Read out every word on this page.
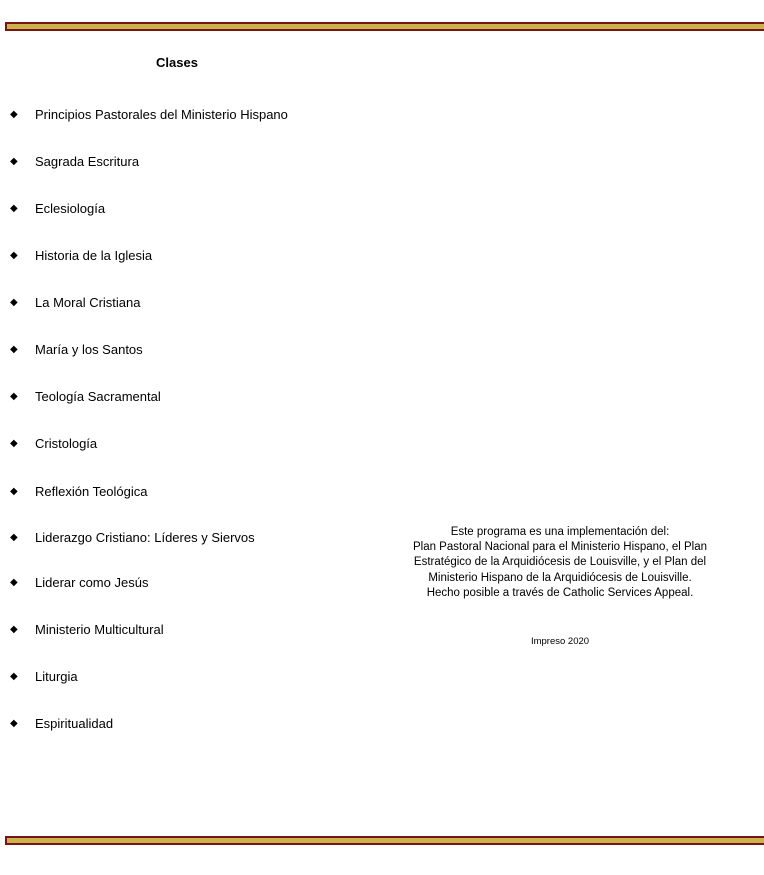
Clases
◆ Principios Pastorales del Ministerio Hispano
◆ Sagrada Escritura
◆ Eclesiología
◆ Historia de la Iglesia
◆ La Moral Cristiana
◆ María y los Santos
◆ Teología Sacramental
◆ Cristología
◆ Reflexión Teológica
◆ Liderazgo Cristiano: Líderes y Siervos
◆ Liderar como Jesús
◆ Ministerio Multicultural
◆ Liturgia
◆ Espiritualidad
Este programa es una implementación del:
Plan Pastoral Nacional para el Ministerio Hispano, el Plan
Estratégico de la Arquidiócesis de Louisville, y el Plan del
Ministerio Hispano de la Arquidiócesis de Louisville.
Hecho posible a través de Catholic Services Appeal.
Impreso 2020
